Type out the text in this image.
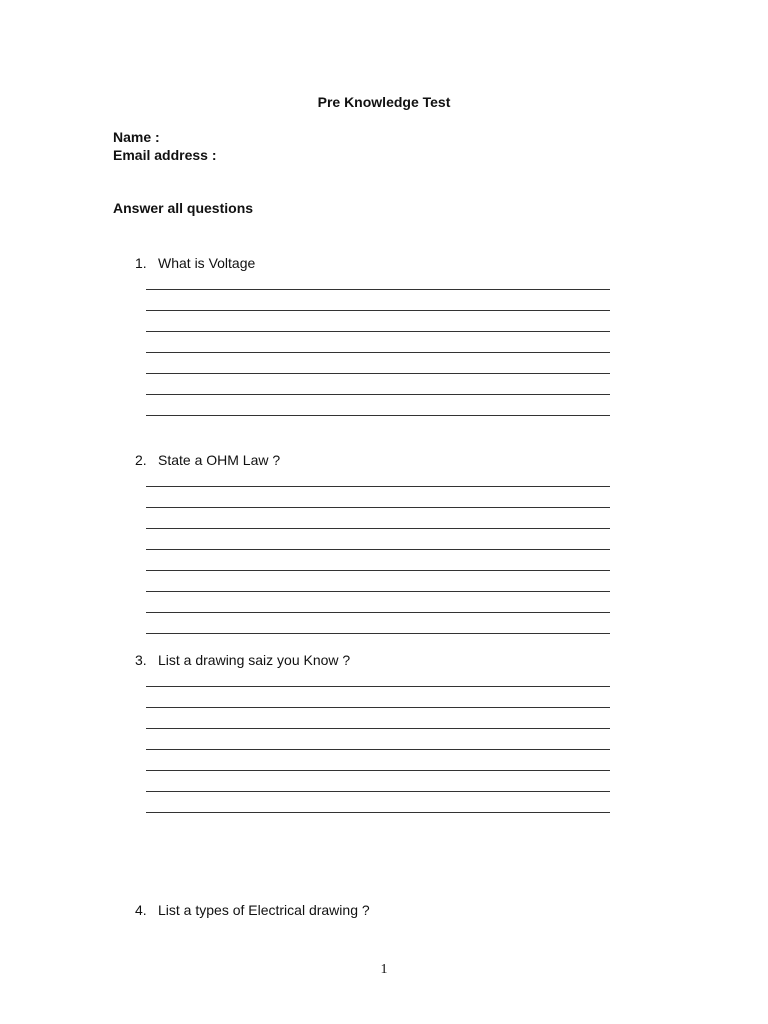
Pre Knowledge Test
Name :
Email address :
Answer all questions
1. What is Voltage
2. State a OHM Law ?
3. List a drawing saiz you Know ?
4. List a types of Electrical drawing ?
1
